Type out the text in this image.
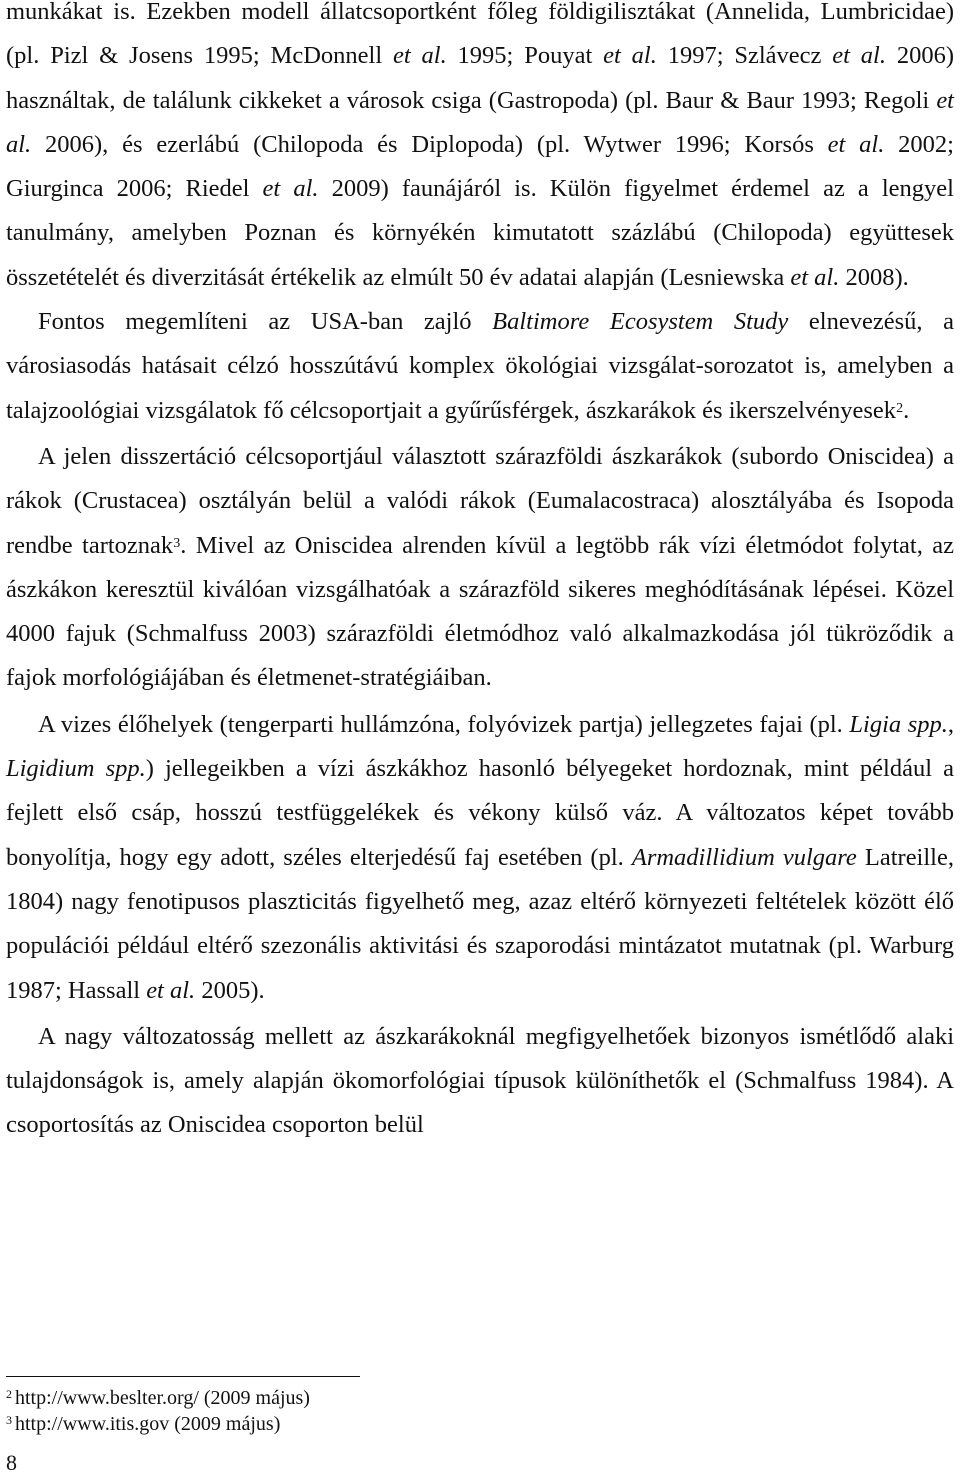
munkákat is. Ezekben modell állatcsoportként főleg földigilisztákat (Annelida, Lumbricidae) (pl. Pizl & Josens 1995; McDonnell et al. 1995; Pouyat et al. 1997; Szlávecz et al. 2006) használtak, de találunk cikkeket a városok csiga (Gastropoda) (pl. Baur & Baur 1993; Regoli et al. 2006), és ezerlábú (Chilopoda és Diplopoda) (pl. Wytwer 1996; Korsós et al. 2002; Giurginca 2006; Riedel et al. 2009) faunájáról is. Külön figyelmet érdemel az a lengyel tanulmány, amelyben Poznan és környékén kimutatott százlábú (Chilopoda) együttesek összetételét és diverzitását értékelik az elmúlt 50 év adatai alapján (Lesniewska et al. 2008).

Fontos megemlíteni az USA-ban zajló Baltimore Ecosystem Study elnevezésű, a városiasodás hatásait célzó hosszútávú komplex ökológiai vizsgálat-sorozatot is, amelyben a talajzoológiai vizsgálatok fő célcsoportjait a gyűrűsférgek, ászkarákok és ikerszelvényesek$^2$.

A jelen disszertáció célcsoportjául választott szárazföldi ászkarákok (subordo Oniscidea) a rákok (Crustacea) osztályán belül a valódi rákok (Eumalacostraca) alosztályába és Isopoda rendbe tartoznak$^3$. Mivel az Oniscidea alrenden kívül a legtöbb rák vízi életmódot folytat, az ászkákon keresztül kiválóan vizsgálhatóak a szárazföld sikeres meghódításának lépései. Közel 4000 fajuk (Schmalfuss 2003) szárazföldi életmódhoz való alkalmazkodása jól tükröződik a fajok morfológiájában és életmenet-stratégiáiban.

A vizes élőhelyek (tengerparti hullámzóna, folyóvizek partja) jellegzetes fajai (pl. Ligia spp., Ligidium spp.) jellegeikben a vízi ászkákhoz hasonló bélyegeket hordoznak, mint például a fejlett első csáp, hosszú testfüggelékek és vékony külső váz. A változatos képet tovább bonyolítja, hogy egy adott, széles elterjedésű faj esetében (pl. Armadillidium vulgare Latreille, 1804) nagy fenotipusos plaszticitás figyelhető meg, azaz eltérő környezeti feltételek között élő populációi például eltérő szezonális aktivitási és szaporodási mintázatot mutatnak (pl. Warburg 1987; Hassall et al. 2005).

A nagy változatosság mellett az ászkarákoknál megfigyelhetőek bizonyos ismétlődő alaki tulajdonságok is, amely alapján ökomorfológiai típusok különíthetők el (Schmalfuss 1984). A csoportosítás az Oniscidea csoporton belül

$^2$ http://www.beslter.org/ (2009 május)
$^3$ http://www.itis.gov (2009 május)
8
